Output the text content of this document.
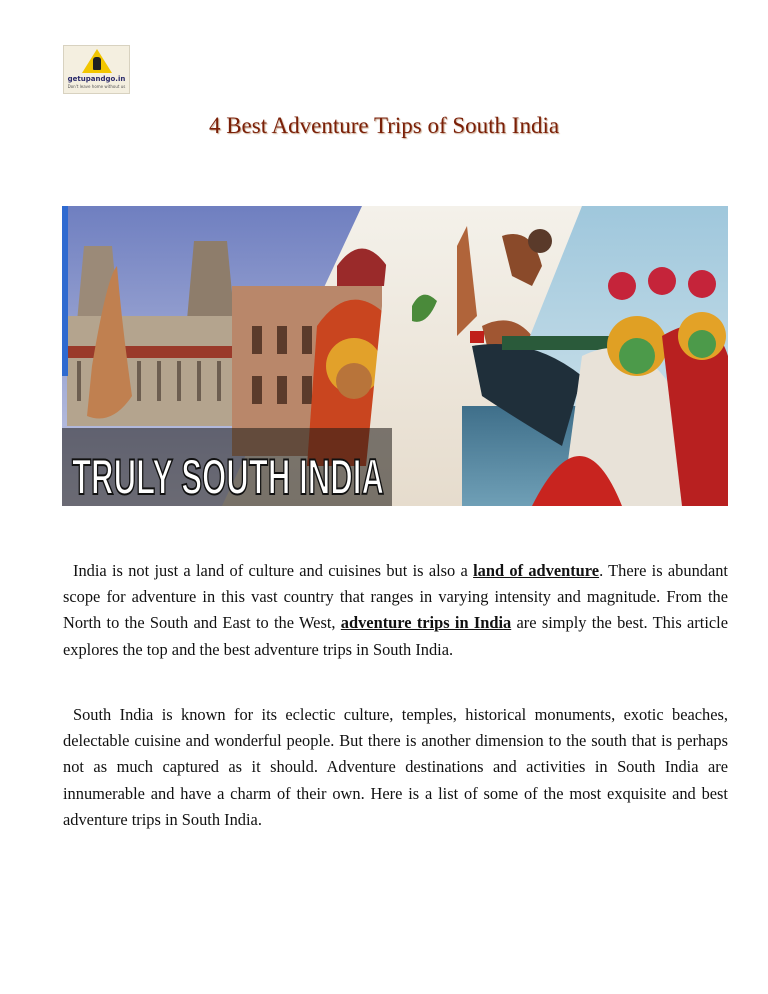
getupandgo.in
Don't leave home without us
4 Best Adventure Trips of South India
TRULY SOUTH INDIA

India is not just a land of culture and cuisines but is also a land of adventure. There is abundant scope for adventure in this vast country that ranges in varying intensity and magnitude. From the North to the South and East to the West, adventure trips in India are simply the best. This article explores the top and the best adventure trips in South India.

South India is known for its eclectic culture, temples, historical monuments, exotic beaches, delectable cuisine and wonderful people. But there is another dimension to the south that is perhaps not as much captured as it should. Adventure destinations and activities in South India are innumerable and have a charm of their own. Here is a list of some of the most exquisite and best adventure trips in South India.
